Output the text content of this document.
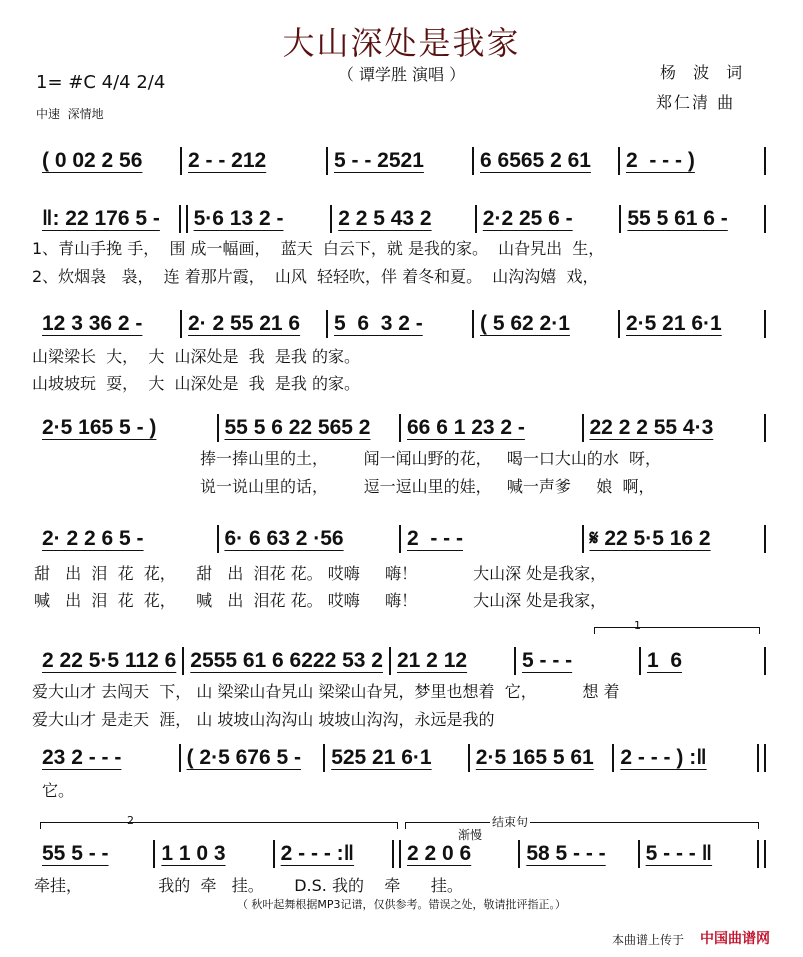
大山深处是我家
（ 谭学胜 演唱 ）	杨 波 词
郑仁清 曲
1= #C 4/4 2/4
中速  深情地
( 0 02 2 56	2 - - 212	5 - - 2521	6 6565 2 61	2  - - - )
‖: 22 176 5 -	5·6 13 2 -	2 2 5 43 2	2·2 25 6 -	55 5 61 6 -
12 3 36 2 -	2· 2 55 21 6	5  6  3 2 -	( 5 62 2·1	2·5 21 6·1
2·5 165 5 - )	55 5 6 22 565 2	66 6 1 23 2 -	22 2 2 55 4·3
2· 2 2 6 5 -	6· 6 63 2 ·56	2  - - -	𝄋 22 5·5 16 2
2 22 5·5 112 6 2555 61 6 6222 53 2 21 2 12	5 - - -	1  6
23 2 - - -	( 2·5 676 5 -	525 21 6·1	2·5 165 5 61	2 - - - ) :‖
55 5 - -	1 1 0 3	2 - - - :‖	2 2 0 6	58 5 - - -	5 - - - ‖
1、青山手挽 手，  围 成一幅画，  蓝天  白云下，就 是我的家。  山旮旯出  生，
2、炊烟袅   袅，  连 着那片霞，  山风  轻轻吹，伴 着冬和夏。  山沟沟嬉  戏，
山梁梁长  大，  大  山深处是  我  是我 的家。
山坡坡玩  耍，  大  山深处是  我  是我 的家。
捧一捧山里的土，       闻一闻山野的花，   喝一口大山的水  呀，
说一说山里的话，       逗一逗山里的娃，   喊一声爹     娘  啊，
甜   出  泪  花  花，    甜   出  泪花 花。 哎嗨     嗨！           大山深 处是我家，
喊   出  泪  花  花，    喊   出  泪花 花。 哎嗨     嗨！           大山深 处是我家，
爱大山才 去闯天  下， 山 梁梁山旮旯山 梁梁山旮旯，梦里也想着  它，         想 着
爱大山才 是走天  涯， 山 坡坡山沟沟山 坡坡山沟沟，永远是我的
它。
牵挂，               我的  牵   挂。      D.S. 我的    牵      挂。
1
2	结束句
渐慢
（ 秋叶起舞根据MP3记谱，仅供参考。错误之处，敬请批评指正。）
本曲谱上传于 中国曲谱网
